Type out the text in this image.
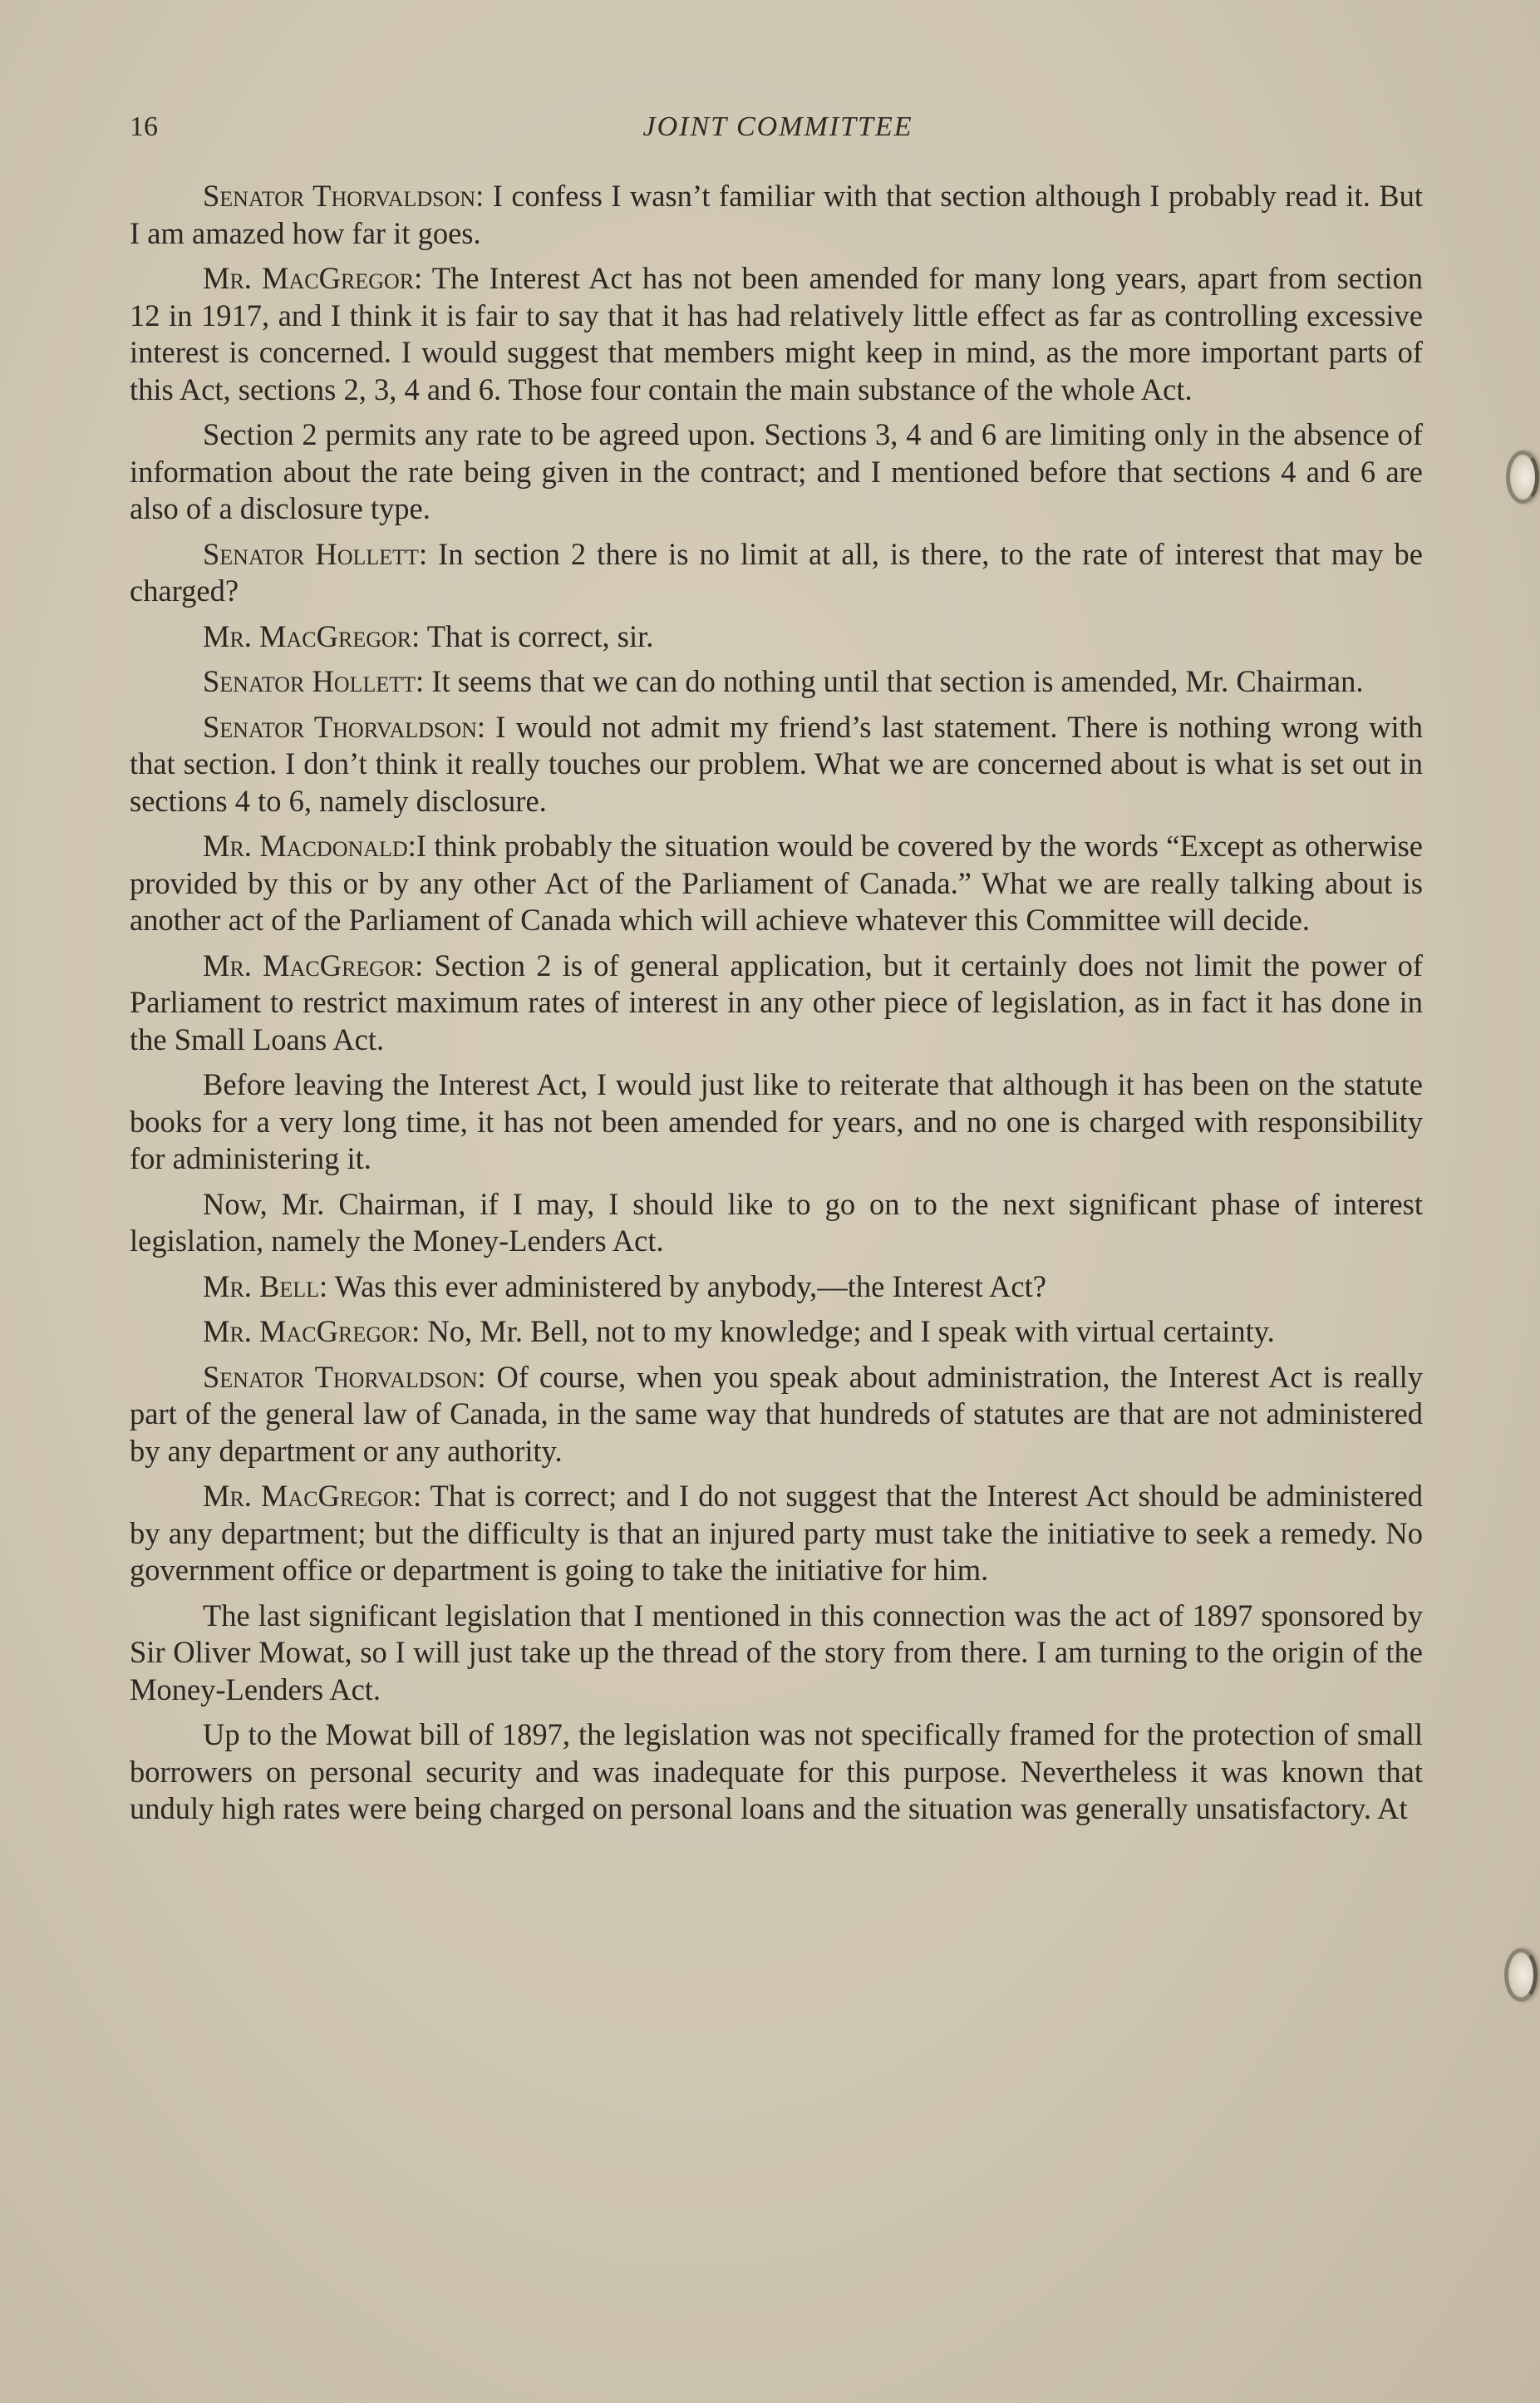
16	JOINT COMMITTEE

Senator Thorvaldson: I confess I wasn’t familiar with that section although I probably read it. But I am amazed how far it goes.

Mr. MacGregor: The Interest Act has not been amended for many long years, apart from section 12 in 1917, and I think it is fair to say that it has had relatively little effect as far as controlling excessive interest is concerned. I would suggest that members might keep in mind, as the more important parts of this Act, sections 2, 3, 4 and 6. Those four contain the main substance of the whole Act.

Section 2 permits any rate to be agreed upon. Sections 3, 4 and 6 are limiting only in the absence of information about the rate being given in the contract; and I mentioned before that sections 4 and 6 are also of a disclosure type.

Senator Hollett: In section 2 there is no limit at all, is there, to the rate of interest that may be charged?

Mr. MacGregor: That is correct, sir.

Senator Hollett: It seems that we can do nothing until that section is amended, Mr. Chairman.

Senator Thorvaldson: I would not admit my friend’s last statement. There is nothing wrong with that section. I don’t think it really touches our problem. What we are concerned about is what is set out in sections 4 to 6, namely disclosure.

Mr. Macdonald:I think probably the situation would be covered by the words “Except as otherwise provided by this or by any other Act of the Parliament of Canada.” What we are really talking about is another act of the Parliament of Canada which will achieve whatever this Committee will decide.

Mr. MacGregor: Section 2 is of general application, but it certainly does not limit the power of Parliament to restrict maximum rates of interest in any other piece of legislation, as in fact it has done in the Small Loans Act.

Before leaving the Interest Act, I would just like to reiterate that although it has been on the statute books for a very long time, it has not been amended for years, and no one is charged with responsibility for administering it.

Now, Mr. Chairman, if I may, I should like to go on to the next significant phase of interest legislation, namely the Money-Lenders Act.

Mr. Bell: Was this ever administered by anybody,—the Interest Act?

Mr. MacGregor: No, Mr. Bell, not to my knowledge; and I speak with virtual certainty.

Senator Thorvaldson: Of course, when you speak about administration, the Interest Act is really part of the general law of Canada, in the same way that hundreds of statutes are that are not administered by any department or any authority.

Mr. MacGregor: That is correct; and I do not suggest that the Interest Act should be administered by any department; but the difficulty is that an injured party must take the initiative to seek a remedy. No government office or department is going to take the initiative for him.

The last significant legislation that I mentioned in this connection was the act of 1897 sponsored by Sir Oliver Mowat, so I will just take up the thread of the story from there. I am turning to the origin of the Money-Lenders Act.

Up to the Mowat bill of 1897, the legislation was not specifically framed for the protection of small borrowers on personal security and was inadequate for this purpose. Nevertheless it was known that unduly high rates were being charged on personal loans and the situation was generally unsatisfactory. At
